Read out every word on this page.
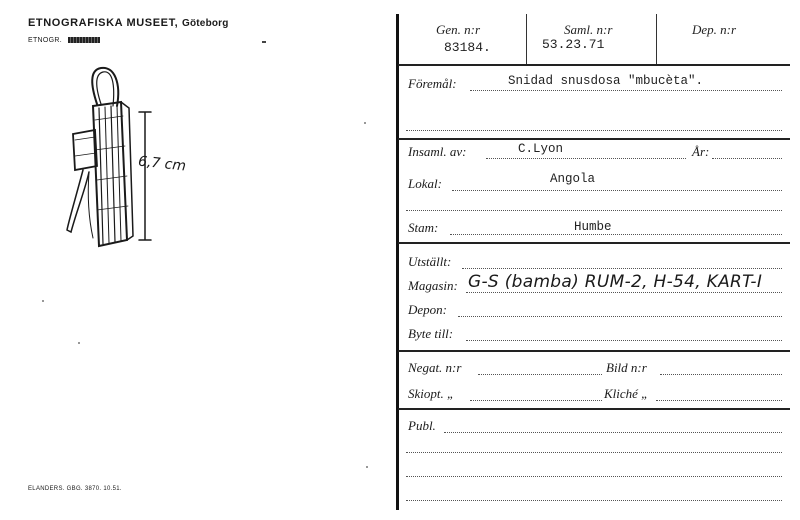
ETNOGRAFISKA MUSEET, Göteborg
ETNOGR.
6,7 cm
ELANDERS. GBG. 3870. 10.51.
Gen. n:r
83184.
Saml. n:r
53.23.71
Dep. n:r
Föremål:	Snidad snusdosa "mbucèta".
Insaml. av:	C.Lyon	År:
Lokal:	Angola
Stam:	Humbe
Utställt:
Magasin: G-S (bamba) RUM-2, H-54, KART-I
Depon:
Byte till:
Negat. n:r	Bild n:r
Skiopt. „	Kliché „
Publ.
